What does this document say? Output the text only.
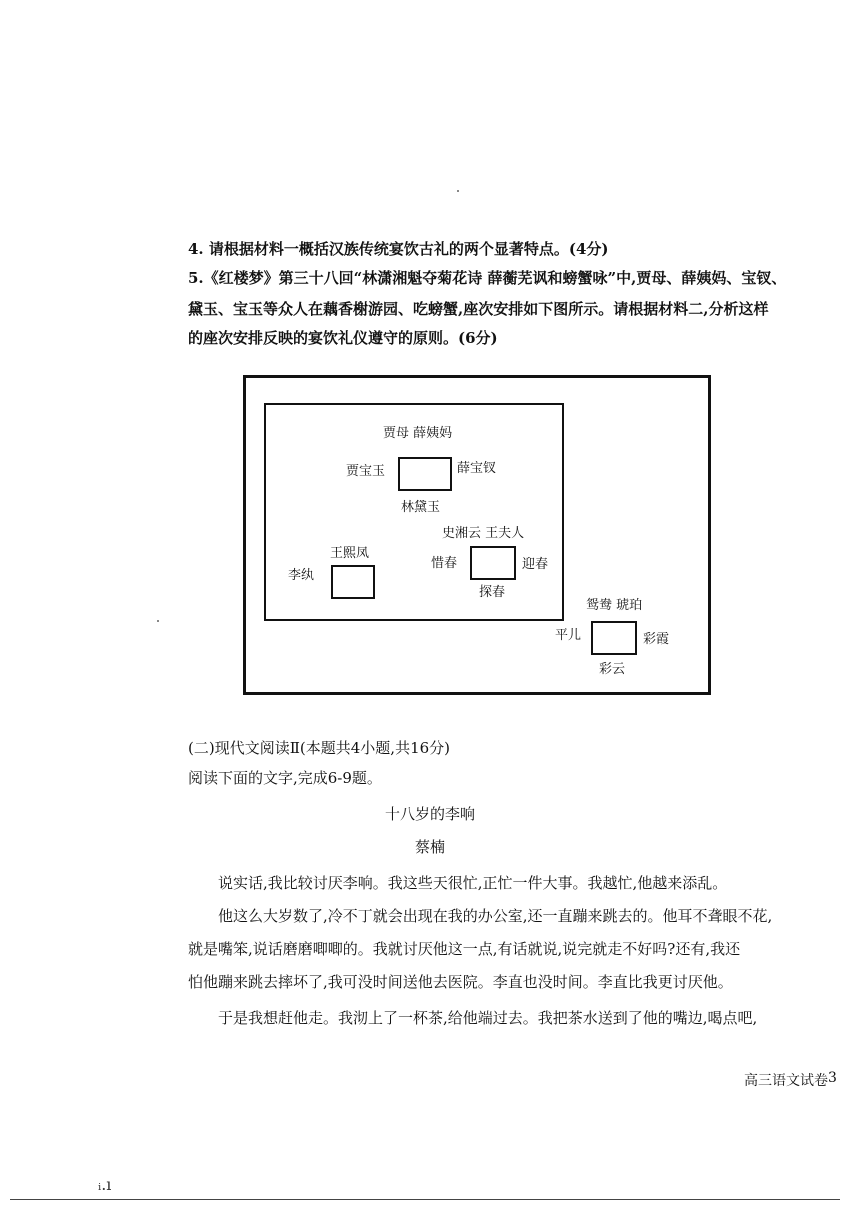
4. 请根据材料一概括汉族传统宴饮古礼的两个显著特点。(4分)
5.《红楼梦》第三十八回“林潇湘魁夺菊花诗 薛蘅芜讽和螃蟹咏”中,贾母、薛姨妈、宝钗、
黛玉、宝玉等众人在藕香榭游园、吃螃蟹,座次安排如下图所示。请根据材料二,分析这样
的座次安排反映的宴饮礼仪遵守的原则。(6分)
贾母 薛姨妈
贾宝玉	薛宝钗
林黛玉
王熙凤
李纨
史湘云 王夫人
惜春	迎春
探春
鸳鸯 琥珀
平儿	彩霞
彩云
(二)现代文阅读Ⅱ(本题共4小题,共16分)
阅读下面的文字,完成6-9题。
十八岁的李响
蔡楠
说实话,我比较讨厌李响。我这些天很忙,正忙一件大事。我越忙,他越来添乱。
他这么大岁数了,冷不丁就会出现在我的办公室,还一直蹦来跳去的。他耳不聋眼不花,
就是嘴笨,说话磨磨唧唧的。我就讨厌他这一点,有话就说,说完就走不好吗?还有,我还
怕他蹦来跳去摔坏了,我可没时间送他去医院。李直也没时间。李直比我更讨厌他。
于是我想赶他走。我沏上了一杯茶,给他端过去。我把茶水送到了他的嘴边,喝点吧,
高三语文试卷 3
ᵢ.ı
